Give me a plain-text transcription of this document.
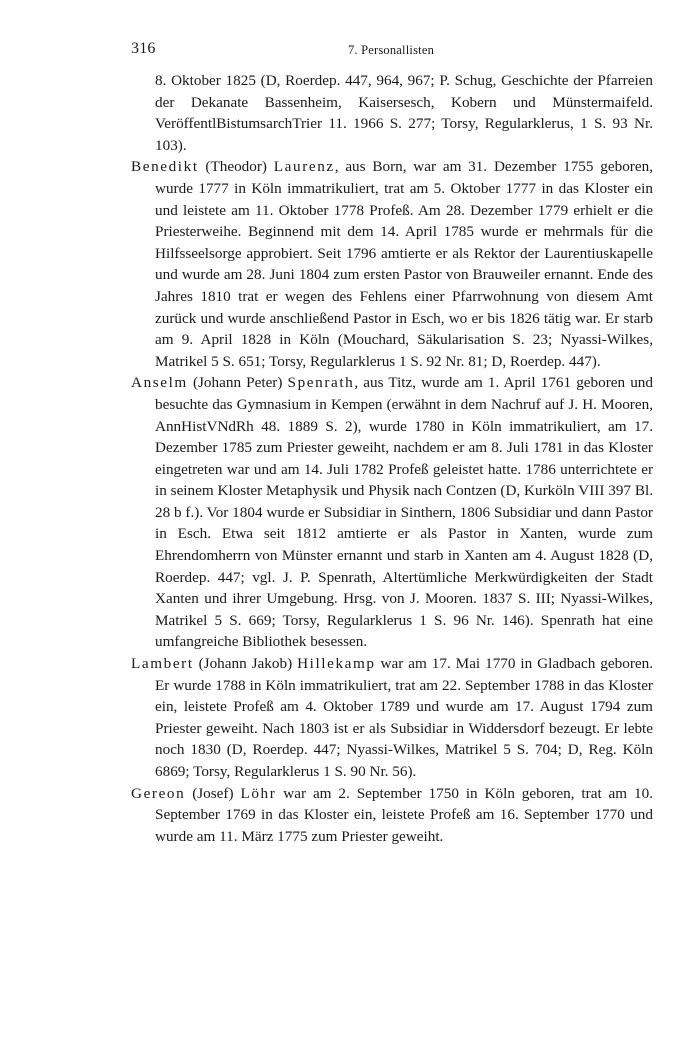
316	7. Personallisten

8. Oktober 1825 (D, Roerdep. 447, 964, 967; P. Schug, Geschichte der Pfarreien der Dekanate Bassenheim, Kaisersesch, Kobern und Münstermaifeld. VeröffentlBistumsarchTrier 11. 1966 S. 277; Torsy, Regularklerus, 1 S. 93 Nr. 103).

Benedikt (Theodor) Laurenz, aus Born, war am 31. Dezember 1755 geboren, wurde 1777 in Köln immatrikuliert, trat am 5. Oktober 1777 in das Kloster ein und leistete am 11. Oktober 1778 Profeß. Am 28. Dezember 1779 erhielt er die Priesterweihe. Beginnend mit dem 14. April 1785 wurde er mehrmals für die Hilfsseelsorge approbiert. Seit 1796 amtierte er als Rektor der Laurentiuskapelle und wurde am 28. Juni 1804 zum ersten Pastor von Brauweiler ernannt. Ende des Jahres 1810 trat er wegen des Fehlens einer Pfarrwohnung von diesem Amt zurück und wurde anschließend Pastor in Esch, wo er bis 1826 tätig war. Er starb am 9. April 1828 in Köln (Mouchard, Säkularisation S. 23; Nyassi-Wilkes, Matrikel 5 S. 651; Torsy, Regularklerus 1 S. 92 Nr. 81; D, Roerdep. 447).

Anselm (Johann Peter) Spenrath, aus Titz, wurde am 1. April 1761 geboren und besuchte das Gymnasium in Kempen (erwähnt in dem Nachruf auf J. H. Mooren, AnnHistVNdRh 48. 1889 S. 2), wurde 1780 in Köln immatrikuliert, am 17. Dezember 1785 zum Priester geweiht, nachdem er am 8. Juli 1781 in das Kloster eingetreten war und am 14. Juli 1782 Profeß geleistet hatte. 1786 unterrichtete er in seinem Kloster Metaphysik und Physik nach Contzen (D, Kurköln VIII 397 Bl. 28 b f.). Vor 1804 wurde er Subsidiar in Sinthern, 1806 Subsidiar und dann Pastor in Esch. Etwa seit 1812 amtierte er als Pastor in Xanten, wurde zum Ehrendomherrn von Münster ernannt und starb in Xanten am 4. August 1828 (D, Roerdep. 447; vgl. J. P. Spenrath, Altertümliche Merkwürdigkeiten der Stadt Xanten und ihrer Umgebung. Hrsg. von J. Mooren. 1837 S. III; Nyassi-Wilkes, Matrikel 5 S. 669; Torsy, Regularklerus 1 S. 96 Nr. 146). Spenrath hat eine umfangreiche Bibliothek besessen.

Lambert (Johann Jakob) Hillekamp war am 17. Mai 1770 in Gladbach geboren. Er wurde 1788 in Köln immatrikuliert, trat am 22. September 1788 in das Kloster ein, leistete Profeß am 4. Oktober 1789 und wurde am 17. August 1794 zum Priester geweiht. Nach 1803 ist er als Subsidiar in Widdersdorf bezeugt. Er lebte noch 1830 (D, Roerdep. 447; Nyassi-Wilkes, Matrikel 5 S. 704; D, Reg. Köln 6869; Torsy, Regularklerus 1 S. 90 Nr. 56).

Gereon (Josef) Löhr war am 2. September 1750 in Köln geboren, trat am 10. September 1769 in das Kloster ein, leistete Profeß am 16. September 1770 und wurde am 11. März 1775 zum Priester geweiht.
